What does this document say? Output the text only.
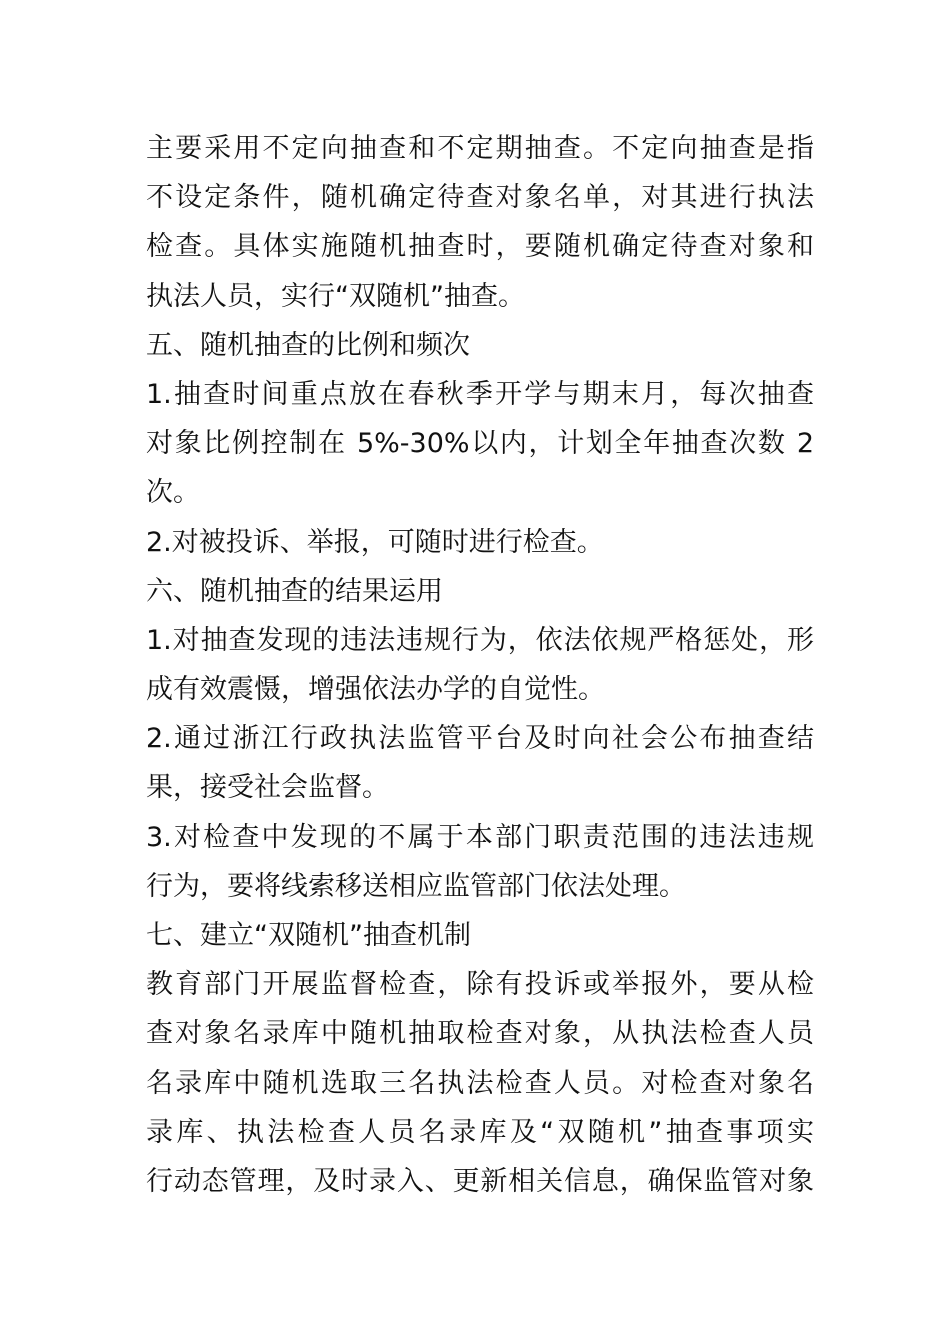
主要采用不定向抽查和不定期抽查。不定向抽查是指
不设定条件，随机确定待查对象名单，对其进行执法
检查。具体实施随机抽查时，要随机确定待查对象和
执法人员，实行“双随机”抽查。
五、随机抽查的比例和频次
1.抽查时间重点放在春秋季开学与期末月，每次抽查
对象比例控制在 5%-30%以内，计划全年抽查次数 2
次。
2.对被投诉、举报，可随时进行检查。
六、随机抽查的结果运用
1.对抽查发现的违法违规行为，依法依规严格惩处，形
成有效震慑，增强依法办学的自觉性。
2.通过浙江行政执法监管平台及时向社会公布抽查结
果，接受社会监督。
3.对检查中发现的不属于本部门职责范围的违法违规
行为，要将线索移送相应监管部门依法处理。
七、建立“双随机”抽查机制
教育部门开展监督检查，除有投诉或举报外，要从检
查对象名录库中随机抽取检查对象，从执法检查人员
名录库中随机选取三名执法检查人员。对检查对象名
录库、执法检查人员名录库及“双随机”抽查事项实
行动态管理，及时录入、更新相关信息，确保监管对象
